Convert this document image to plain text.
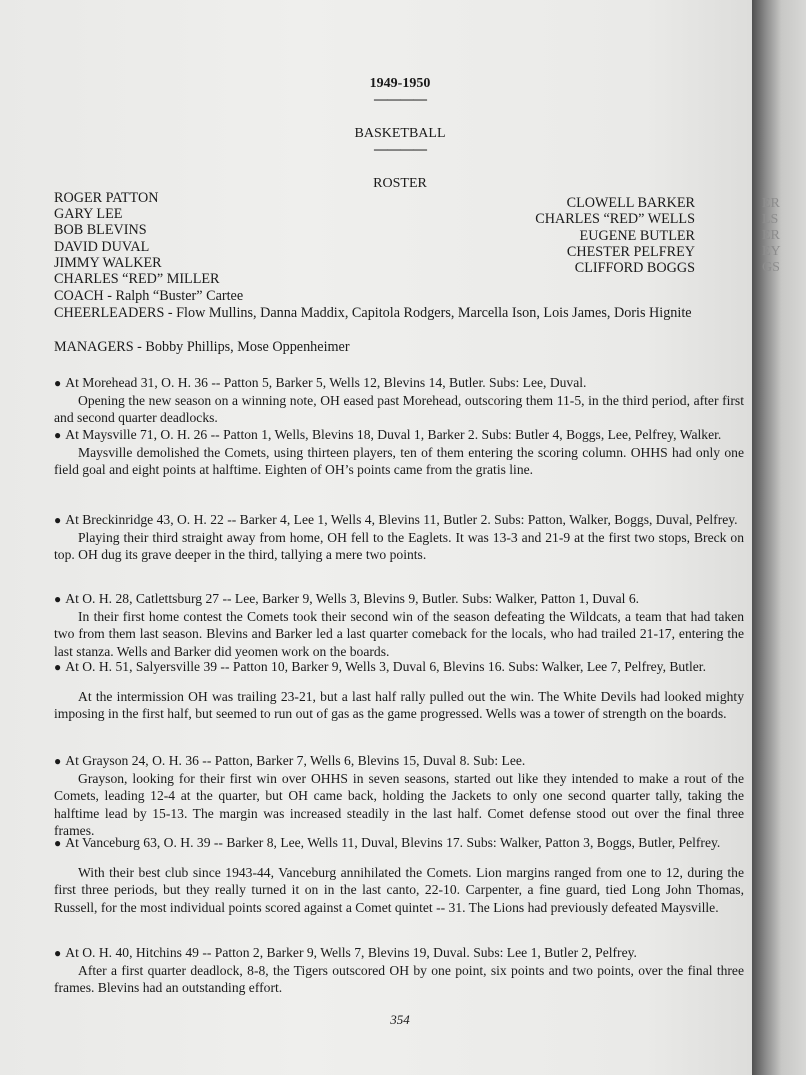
1949-1950
————
BASKETBALL
————
ROSTER
ROGER PATTON
GARY LEE
BOB BLEVINS
DAVID DUVAL
JIMMY WALKER
CHARLES “RED” MILLER
CLOWELL BARKER
CHARLES “RED” WELLS
EUGENE BUTLER
CHESTER PELFREY
CLIFFORD BOGGS
COACH - Ralph “Buster” Cartee
CHEERLEADERS - Flow Mullins, Danna Maddix, Capitola Rodgers, Marcella Ison, Lois James, Doris Hignite
MANAGERS - Bobby Phillips, Mose Oppenheimer
● At Morehead 31, O. H. 36 -- Patton 5, Barker 5, Wells 12, Blevins 14, Butler. Subs: Lee, Duval.
Opening the new season on a winning note, OH eased past Morehead, outscoring them 11-5, in the third period, after first and second quarter deadlocks.
● At Maysville 71, O. H. 26 -- Patton 1, Wells, Blevins 18, Duval 1, Barker 2. Subs: Butler 4, Boggs, Lee, Pelfrey, Walker.
Maysville demolished the Comets, using thirteen players, ten of them entering the scoring column. OHHS had only one field goal and eight points at halftime. Eighten of OH’s points came from the gratis line.
● At Breckinridge 43, O. H. 22 -- Barker 4, Lee 1, Wells 4, Blevins 11, Butler 2. Subs: Patton, Walker, Boggs, Duval, Pelfrey.
Playing their third straight away from home, OH fell to the Eaglets. It was 13-3 and 21-9 at the first two stops, Breck on top. OH dug its grave deeper in the third, tallying a mere two points.
● At O. H. 28, Catlettsburg 27 -- Lee, Barker 9, Wells 3, Blevins 9, Butler. Subs: Walker, Patton 1, Duval 6.
In their first home contest the Comets took their second win of the season defeating the Wildcats, a team that had taken two from them last season. Blevins and Barker led a last quarter comeback for the locals, who had trailed 21-17, entering the last stanza. Wells and Barker did yeomen work on the boards.
● At O. H. 51, Salyersville 39 -- Patton 10, Barker 9, Wells 3, Duval 6, Blevins 16. Subs: Walker, Lee 7, Pelfrey, Butler.
At the intermission OH was trailing 23-21, but a last half rally pulled out the win. The White Devils had looked mighty imposing in the first half, but seemed to run out of gas as the game progressed. Wells was a tower of strength on the boards.
● At Grayson 24, O. H. 36 -- Patton, Barker 7, Wells 6, Blevins 15, Duval 8. Sub: Lee.
Grayson, looking for their first win over OHHS in seven seasons, started out like they intended to make a rout of the Comets, leading 12-4 at the quarter, but OH came back, holding the Jackets to only one second quarter tally, taking the halftime lead by 15-13. The margin was increased steadily in the last half. Comet defense stood out over the final three frames.
● At Vanceburg 63, O. H. 39 -- Barker 8, Lee, Wells 11, Duval, Blevins 17. Subs: Walker, Patton 3, Boggs, Butler, Pelfrey.
With their best club since 1943-44, Vanceburg annihilated the Comets. Lion margins ranged from one to 12, during the first three periods, but they really turned it on in the last canto, 22-10. Carpenter, a fine guard, tied Long John Thomas, Russell, for the most individual points scored against a Comet quintet -- 31. The Lions had previously defeated Maysville.
● At O. H. 40, Hitchins 49 -- Patton 2, Barker 9, Wells 7, Blevins 19, Duval. Subs: Lee 1, Butler 2, Pelfrey.
After a first quarter deadlock, 8-8, the Tigers outscored OH by one point, six points and two points, over the final three frames. Blevins had an outstanding effort.
354
ER
LS
ER
EY
GS
